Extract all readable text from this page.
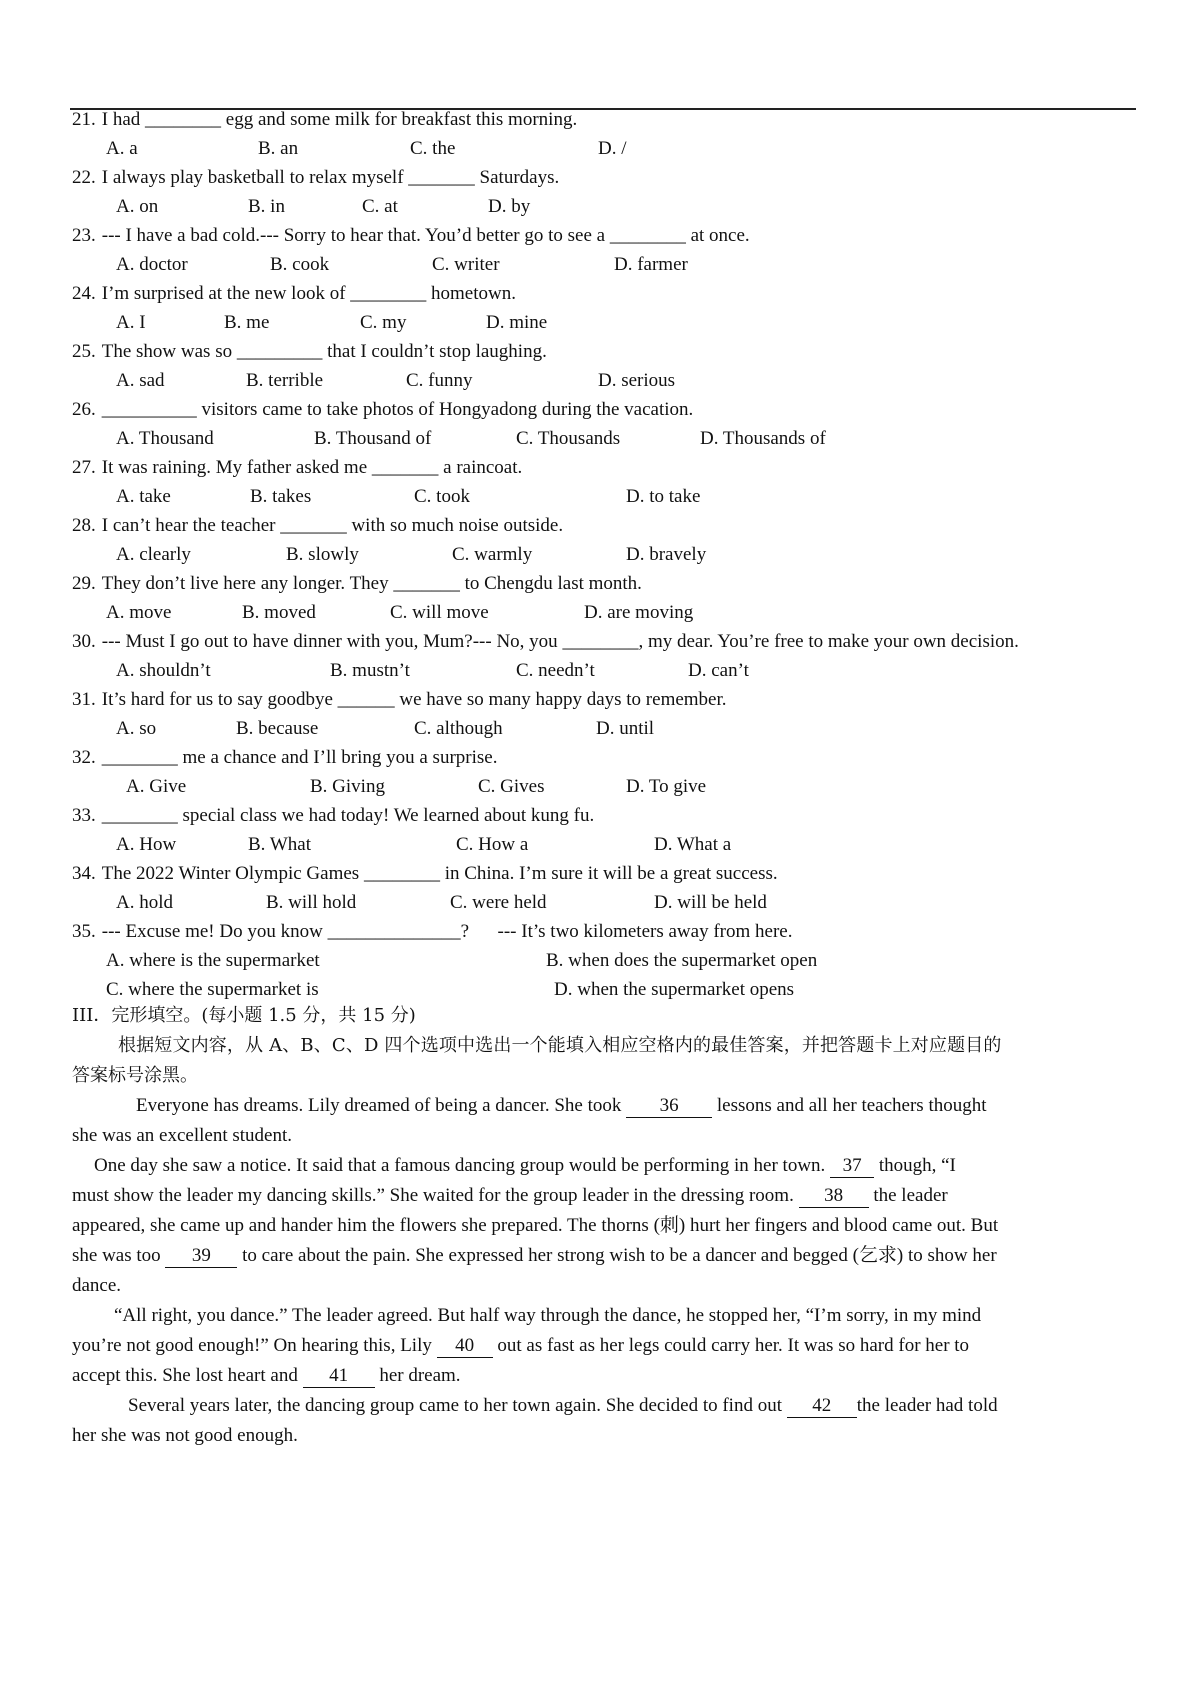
21. I had ________ egg and some milk for breakfast this morning.
A. a	B. an	C. the	D. /
22. I always play basketball to relax myself _______ Saturdays.
A. on	B. in	C. at	D. by
23. --- I have a bad cold.--- Sorry to hear that. You’d better go to see a ________ at once.
A. doctor	B. cook	C. writer	D. farmer
24. I’m surprised at the new look of ________ hometown.
A. I	B. me	C. my	D. mine
25. The show was so _________ that I couldn’t stop laughing.
A. sad	B. terrible	C. funny	D. serious
26. __________ visitors came to take photos of Hongyadong during the vacation.
A. Thousand	B. Thousand of	C. Thousands	D. Thousands of
27. It was raining. My father asked me _______ a raincoat.
A. take	B. takes	C. took	D. to take
28. I can’t hear the teacher _______ with so much noise outside.
A. clearly	B. slowly	C. warmly	D. bravely
29. They don’t live here any longer. They _______ to Chengdu last month.
A. move	B. moved	C. will move	D. are moving
30. --- Must I go out to have dinner with you, Mum?--- No, you ________, my dear. You’re free to make your own decision.
A. shouldn’t	B. mustn’t	C. needn’t	D. can’t
31. It’s hard for us to say goodbye ______ we have so many happy days to remember.
A. so	B. because	C. although	D. until
32. ________ me a chance and I’ll bring you a surprise.
A. Give	B. Giving	C. Gives	D. To give
33. ________ special class we had today! We learned about kung fu.
A. How	B. What	C. How a	D. What a
34. The 2022 Winter Olympic Games ________ in China. I’m sure it will be a great success.
A. hold	B. will hold	C. were held	D. will be held
35. --- Excuse me! Do you know ______________?      --- It’s two kilometers away from here.
A. where is the supermarket	B. when does the supermarket open
C. where the supermarket is	D. when the supermarket opens
III．完形填空。(每小题 1.5 分，共 15 分)
根据短文内容，从 A、B、C、D 四个选项中选出一个能填入相应空格内的最佳答案，并把答题卡上对应题目的
答案标号涂黑。
Everyone has dreams. Lily dreamed of being a dancer. She took 36 lessons and all her teachers thought
she was an excellent student.
One day she saw a notice. It said that a famous dancing group would be performing in her town. 37 though, “I
must show the leader my dancing skills.” She waited for the group leader in the dressing room. 38 the leader
appeared, she came up and hander him the flowers she prepared. The thorns (刺) hurt her fingers and blood came out. But
she was too 39 to care about the pain. She expressed her strong wish to be a dancer and begged (乞求) to show her
dance.
“All right, you dance.” The leader agreed. But half way through the dance, he stopped her, “I’m sorry, in my mind
you’re not good enough!” On hearing this, Lily 40 out as fast as her legs could carry her. It was so hard for her to
accept this. She lost heart and 41 her dream.
Several years later, the dancing group came to her town again. She decided to find out 42 the leader had told
her she was not good enough.
